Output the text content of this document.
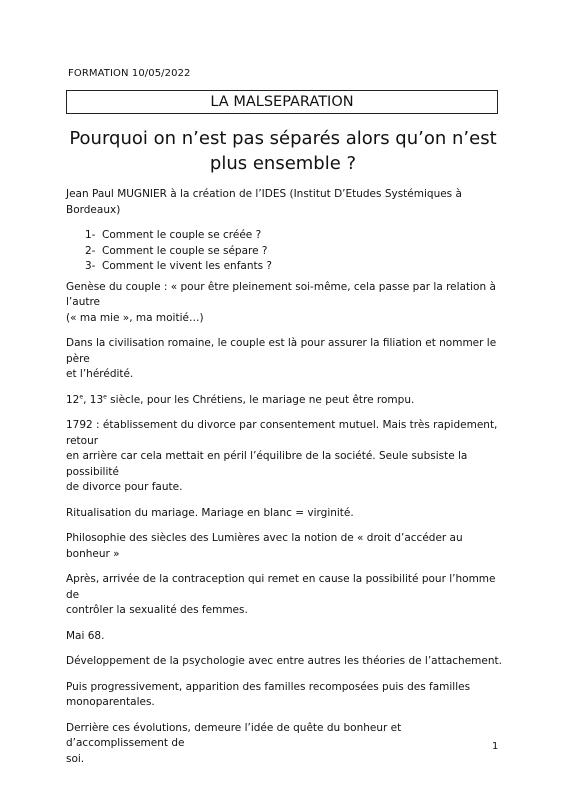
FORMATION 10/05/2022
LA MALSEPARATION
Pourquoi on n’est pas séparés alors qu’on n’est
plus ensemble ?

Jean Paul MUGNIER à la création de l’IDES (Institut D’Etudes Systémiques à
Bordeaux)

1- Comment le couple se créée ?
2- Comment le couple se sépare ?
3- Comment le vivent les enfants ?

Genèse du couple : « pour être pleinement soi-même, cela passe par la relation à l’autre
(« ma mie », ma moitié…)

Dans la civilisation romaine, le couple est là pour assurer la filiation et nommer le père
et l’hérédité.

12e, 13e siècle, pour les Chrétiens, le mariage ne peut être rompu.

1792 : établissement du divorce par consentement mutuel. Mais très rapidement, retour
en arrière car cela mettait en péril l’équilibre de la société. Seule subsiste la possibilité
de divorce pour faute.

Ritualisation du mariage. Mariage en blanc = virginité.

Philosophie des siècles des Lumières avec la notion de « droit d’accéder au bonheur »

Après, arrivée de la contraception qui remet en cause la possibilité pour l’homme de
contrôler la sexualité des femmes.

Mai 68.

Développement de la psychologie avec entre autres les théories de l’attachement.

Puis progressivement, apparition des familles recomposées puis des familles
monoparentales.

Derrière ces évolutions, demeure l’idée de quête du bonheur et d’accomplissement de
soi.

1
